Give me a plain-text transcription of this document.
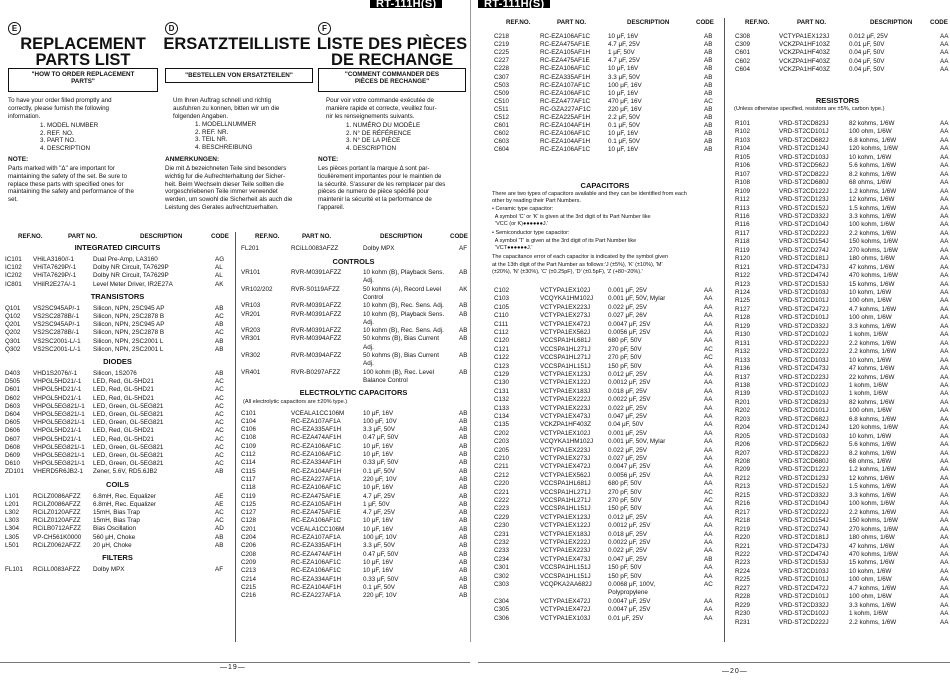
RT-111H(S)	RT-111H(S)
E
REPLACEMENT
PARTS LIST
"HOW TO ORDER REPLACEMENT
PARTS"
To have your order filled promptly and
correctly, please furnish the following
information.
1. MODEL NUMBER
2. REF. NO.
3. PART NO.
4. DESCRIPTION
NOTE:
Parts marked with "Δ" are important for
maintaining the safety of the set. Be sure to
replace these parts with specified ones for
maintaining the safety and performance of the
set.
D
ERSATZTEILLISTE
"BESTELLEN VON ERSATZTEILEN"
Um Ihren Auftrag schnell und richtig
ausfuhren zu konnen, bitten wir um die
folgenden Angaben.
1. MODELLNUMMER
2. REF. NR.
3. TEIL NR.
4. BESCHREIBUNG
ANMERKUNGEN:
Die mit Δ bezeichneten Teile sind besonders
wichtig fur die Aufrechterhaltung der Sicher-
heit. Beim Wechseln dieser Teile sollten die
vorgeschriebenen Teile immer verwendet
werden, um sowohl die Sicherheit als auch die
Leistung des Gerates aufrechtzuerhalten.
F
LISTE DES PIÈCES
DE RECHANGE
"COMMENT COMMANDER DES
PIÈCES DE RECHANGE"
Pour voir votre commande exécutée de
manière rapide et correcte, veuillez four-
nir les renseignements suivants.
1. NUMÉRO DU MODÈLE
2. N° DE RÉFÉRENCE
3. N° DE LA PIÈCE
4. DESCRIPTION
NOTE:
Les pièces portant la marque Δ sont par-
ticulièrement importantes pour le maintien de
la sécurité. S'assurer de les remplacer par des
pièces de numero de pièce spécifié pour
maintenir la sécurité et la performance de
l'appareil.
REF.NO.	PART NO.	DESCRIPTION	CODE	REF.NO.	PART NO.	DESCRIPTION	CODE
REF.NO.	PART NO.	DESCRIPTION	CODE	REF.NO.	PART NO.	DESCRIPTION	CODE
CAPACITORS
There are two types of capacitors available and they can be identified from each
other by reading their Part Numbers.
• Ceramic type capacitor:
A symbol 'C' or 'K' is given at the 3rd digit of its Part Number like
'VCC (or K)●●●●●●J.'
• Semiconductor type capacitor:
A symbol 'T' is given at the 3rd digit of its Part Number like
'VCT●●●●●●J.'
The capacitance error of each capacitor is indicated by the symbol given
at the 13th digit of the Part Number as follows:'J (±5%), 'K' (±10%), 'M'
(±20%), 'N' (±30%), 'C' (±0.25pF), 'D' (±0.5pF), 'Z (+80~20%).'
RESISTORS
(Unless otherwise specified, resistors are ±5%, carbon type.)
—19—
—20—
INTEGRATED CIRCUITS
IC101 VHiLA3160//-1	Dual Pre-Amp, LA3160	AG
IC102 VHiTA7629P/-1	Dolby NR Circuit, TA7629P	AL
IC202 VHiTA7629P/-1	Dolby NR Circuit, TA7629P	AL
IC801 VHiIR2E27A/-1	Level Meter Driver, IR2E27A	AK
TRANSISTORS
Q101 VS2SC945AP/-1 Silicon, NPN, 2SC945 AP	AB
Q102 VS2SC2878B/-1 Silicon, NPN, 2SC2878 B	AC
Q201 VS2SC945AP/-1 Silicon, NPN, 2SC945 AP	AB
Q202 VS2SC2878B/-1 Silicon, NPN, 2SC2878 B	AC
Q301 VS2SC2001-L/-1 Silicon, NPN, 2SC2001 L	AB
Q302 VS2SC2001-L/-1 Silicon, NPN, 2SC2001 L	AB
DIODES
D403 VHD1S2076//-1	Silicon, 1S2076	AB
D505 VHPGL5HD21/-1 LED, Red, GL-5HD21	AC
D601 VHPGL5HD21/-1 LED, Red, GL-5HD21	AC
D602 VHPGL5HD21/-1 LED, Red, GL-5HD21	AC
D603 VHPGL5EG821/-1 LED, Green, GL-5EG821	AC
D604 VHPGL5EG821/-1 LED, Green, GL-5EG821	AC
D605 VHPGL5EG821/-1 LED, Green, GL-5EG821	AC
D606 VHPGL5HD21/-1 LED, Red, GL-5HD21	AC
D607 VHPGL5HD21/-1 LED, Red, GL-5HD21	AC
D608 VHPGL5EG821/-1 LED, Green, GL-5EG821	AC
D609 VHPGL5EG821/-1 LED, Green, GL-5EG821	AC
D610 VHPGL5EG821/-1 LED, Green, GL-5EG821	AC
ZD101 VHERD5R6JB2-1 Zener, 5.6V, RD5.6JB2	AB
COILS
L101 RCiLZ0086AFZZ 6.8mH, Rec. Equalizer	AE
L201 RCiLZ0086AFZZ 6.8mH, Rec. Equalizer	AE
L302 RCiLZ0120AFZZ 15mH, Bias Trap	AC
L303 RCiLZ0120AFZZ 15mH, Bias Trap	AC
L304 RCiLB0712AFZZ Bias Oscillation	AD
L305 VP-CH561K0000 560 μH, Choke	AB
L501 RCiLZ0062AFZZ 20 μH, Choke	AB
FILTERS
FL101 RCiLL0083AFZZ Dolby MPX	AF
FL201	RCiLL0083AFZZ	Dolby MPX	AF
CONTROLS
VR101	RVR-M0391AFZZ	10 kohm (B), Playback Sens. AB
Adj.
VR102/202	RVR-S0119AFZZ	50 kohms (A), Record Level	AK
Control
VR103	RVR-M0391AFZZ	10 kohm (B), Rec. Sens. Adj. AB
VR201	RVR-M0391AFZZ	10 kohm (B), Playback Sens. AB
Adj.
VR203	RVR-M0391AFZZ	10 kohm (B), Rec. Sens. Adj. AB
VR301	RVR-M0394AFZZ	50 kohms (B), Bias Current	AB
Adj.
VR302	RVR-M0394AFZZ	50 kohms (B), Bias Current	AB
Adj.
VR401	RVR-B0297AFZZ	100 kohm (B), Rec. Level	AB
Balance Control
ELECTROLYTIC CAPACITORS
(All electrolytic capacitors are ±20% type.)
C101	VCEALA1CC106M	10 μF, 16V	AB
C104	RC-EZA107AF1A	100 μF, 10V	AB
C106	RC-EZA335AF1H	3.3 μF, 50V	AB
C108	RC-EZA474AF1H	0.47 μF, 50V	AB
C109	RC-EZA106AF1C	10 μF, 16V	AB
C112	RC-EZA106AF1C	10 μF, 16V	AB
C114	RC-EZA334AF1H	0.33 μF, 50V	AB
C115	RC-EZA104AF1H	0.1 μF, 50V	AB
C117	RC-EZA227AF1A	220 μF, 10V	AB
C118	RC-EZA106AF1C	10 μF, 16V	AB
C119	RC-EZA475AF1E	4.7 μF, 25V	AB
C125	RC-EZA105AF1H	1 μF, 50V	AB
C127	RC-EZA475AF1E	4.7 μF, 25V	AB
C128	RC-EZA106AF1C	10 μF, 16V	AB
C201	VCEALA1CC106M	10 μF, 16V	AB
C204	RC-EZA107AF1A	100 μF, 10V	AB
C206	RC-EZA335AF1H	3.3 μF, 50V	AB
C208	RC-EZA474AF1H	0.47 μF, 50V	AB
C209	RC-EZA106AF1C	10 μF, 16V	AB
C213	RC-EZA106AF1C	10 μF, 16V	AB
C214	RC-EZA334AF1H	0.33 μF, 50V	AB
C215	RC-EZA104AF1H	0.1 μF, 50V	AB
C216	RC-EZA227AF1A	220 μF, 10V	AB
C218	RC-EZA106AF1C	10 μF, 16V	AB
C219	RC-EZA475AF1E	4.7 μF, 25V	AB
C225	RC-EZA105AF1H	1 μF, 50V	AB
C227	RC-EZA475AF1E	4.7 μF, 25V	AB
C228	RC-EZA106AF1C	10 μF, 16V	AB
C307	RC-EZA335AF1H	3.3 μF, 50V	AB
C503	RC-EZA107AF1C	100 μF, 16V	AB
C509	RC-EZA106AF1C	10 μF, 16V	AB
C510	RC-EZA477AF1C	470 μF, 16V	AC
C511	RC-GZA227AF1C	220 μF, 16V	AB
C512	RC-EZA225AF1H	2.2 μF, 50V	AB
C601	RC-EZA104AF1H	0.1 μF, 50V	AB
C602	RC-EZA106AF1C	10 μF, 16V	AB
C603	RC-EZA104AF1H	0.1 μF, 50V	AB
C604	RC-EZA106AF1C	10 μF, 16V	AB
C102	VCTYPA1EX102J	0.001 μF, 25V	AA
C103	VCQYKA1HM102J 0.001 μF, 50V, Mylar	AA
C105	VCTYPA1EX223J	0.022 μF, 25V	AA
C110	VCTYPA1EX273J	0.027 μF, 26V	AA
C111	VCTYPA1EX472J	0.0047 μF, 25V	AA
C112	VCTYPA1EX562J	0.0056 μF, 25V	AA
C120	VCCSPA1HL681J	680 pF, 50V	AA
C121	VCCSPA1HL271J	270 pF, 50V	AC
C122	VCCSPA1HL271J	270 pF, 50V	AC
C123	VCCSPA1HL151J	150 pF, 50V	AA
C129	VCTYPA1EX123J	0.012 μF, 25V	AA
C130	VCTYPA1EX122J	0.0012 μF, 25V	AA
C131	VCTYPA1EX183J	0.018 μF, 25V	AA
C132	VCTYPA1EX222J	0.0022 μF, 25V	AA
C133	VCTYPA1EX223J	0.022 μF, 25V	AA
C134	VCTYPA1EX473J	0.047 μF, 25V	AA
C135	VCKZPA1HF403Z	0.04 μF, 50V	AA
C202	VCTYPA1EX102J	0.001 μF, 25V	AA
C203	VCQYKA1HM102J 0.001 μF, 50V, Mylar	AA
C205	VCTYPA1EX223J	0.022 μF, 25V	AA
C210	VCTYPA1EX273J	0.027 μF, 25V	AA
C211	VCTYPA1EX472J	0.0047 μF, 25V	AA
C212	VCTYPA1EX562J	0.0056 μF, 25V	AA
C220	VCCSPA1HL681J	680 pF, 50V	AA
C221	VCCSPA1HL271J	270 pF, 50V	AC
C222	VCCSPA1HL271J	270 pF, 50V	AC
C223	VCCSPA1HL151J	150 pF, 50V	AA
C229	VCTYPA1EX123J	0.012 μF, 25V	AA
C230	VCTYPA1EX122J	0.0012 μF, 25V	AA
C231	VCTYPA1EX183J	0.018 μF, 25V	AA
C232	VCTYPA1EX222J	0.0022 μF, 25V	AA
C233	VCTYPA1EX223J	0.022 μF, 25V	AA
C234	VCTYPA1EX473J	0.047 μF, 25V	AB
C301	VCCSPA1HL151J	150 pF, 50V	AA
C302	VCCSPA1HL151J	150 pF, 50V	AA
C303	VCQPKA2AA682J	0.0068 μF, 100V,	AC
Polypropylene
C304	VCTYPA1EX472J	0.0047 μF, 25V	AA
C305	VCTYPA1EX472J	0.0047 μF, 25V	AA
C306	VCTYPA1EX103J	0.01 μF, 25V	AA
C308	VCTYPA1EX123J	0.012 μF, 25V	AA
C309	VCKZPA1HF103Z	0.01 μF, 50V	AA
C601	VCKZPA1HF403Z	0.04 μF, 50V	AA
C602	VCKZPA1HF403Z	0.04 μF, 50V	AA
C604	VCKZPA1HF403Z	0.04 μF, 50V	AA
R101	VRD-ST2CD823J	82 kohms, 1/6W	AA
R102	VRD-ST2CD101J	100 ohm, 1/6W	AA
R103	VRD-ST2CD682J	6.8 kohms, 1/6W	AA
R104	VRD-ST2CD124J	120 kohms, 1/6W	AA
R105	VRD-ST2CD103J	10 kohm, 1/6W	AA
R106	VRD-ST2CD562J	5.6 kohms, 1/6W	AA
R107	VRD-ST2CD822J	8.2 kohms, 1/6W	AA
R108	VRD-ST2CD680J	68 ohms, 1/6W	AA
R109	VRD-ST2CD122J	1.2 kohms, 1/6W	AA
R112	VRD-ST2CD123J	12 kohms, 1/6W	AA
R113	VRD-ST2CD152J	1.5 kohms, 1/6W	AA
R116	VRD-ST2CD332J	3.3 kohms, 1/6W	AA
R116	VRD-ST2CD104J	100 kohm, 1/6W	AA
R117	VRD-ST2CD222J	2.2 kohms, 1/6W	AA
R118	VRD-ST2CD154J	150 kohms, 1/6W	AA
R119	VRD-ST2CD274J	270 kohms, 1/6W	AA
R120	VRD-ST2CD181J	180 ohms, 1/6W	AA
R121	VRD-ST2CD473J	47 kohms, 1/6W	AA
R122	VRD-ST2CD474J	470 kohms, 1/6W	AA
R123	VRD-ST2CD153J	15 kohms, 1/6W	AA
R124	VRD-ST2CD103J	10 kohm, 1/6W	AA
R125	VRD-ST2CD101J	100 ohm, 1/6W	AA
R127	VRD-ST2CD472J	4.7 kohms, 1/6W	AA
R128	VRD-ST2CD101J	100 ohm, 1/6W	AA
R129	VRD-ST2CD332J	3.3 kohms, 1/6W	AA
R130	VRD-ST2CD102J	1 kohm, 1/6W	AA
R131	VRD-ST2CD222J	2.2 kohms, 1/6W	AA
R132	VRD-ST2CD222J	2.2 kohms, 1/6W	AA
R133	VRD-ST2CD103J	10 kohm, 1/6W	AA
R136	VRD-ST2CD473J	47 kohms, 1/6W	AA
R137	VRD-ST2CD223J	22 kohms, 1/6W	AA
R138	VRD-ST2CD102J	1 kohm, 1/6W	AA
R139	VRD-ST2CD102J	1 kohm, 1/6W	AA
R201	VRD-ST2CD823J	82 kohms, 1/6W	AA
R202	VRD-ST2CD101J	100 ohm, 1/6W	AA
R203	VRD-ST2CD682J	6.8 kohms, 1/6W	AA
R204	VRD-ST2CD124J	120 kohms, 1/6W	AA
R205	VRD-ST2CD103J	10 kohm, 1/6W	AA
R206	VRD-ST2CD562J	5.6 kohms, 1/6W	AA
R207	VRD-ST2CD822J	8.2 kohms, 1/6W	AA
R208	VRD-ST2CD680J	68 ohms, 1/6W	AA
R209	VRD-ST2CD122J	1.2 kohms, 1/6W	AA
R212	VRD-ST2CD123J	12 kohms, 1/6W	AA
R213	VRD-ST2CD152J	1.5 kohms, 1/6W	AA
R215	VRD-ST2CD332J	3.3 kohms, 1/6W	AA
R216	VRD-ST2CD104J	100 kohm, 1/6W	AA
R217	VRD-ST2CD222J	2.2 kohms, 1/6W	AA
R218	VRD-ST2CD154J	150 kohms, 1/6W	AA
R219	VRD-ST2CD274J	270 kohms, 1/6W	AA
R220	VRD-ST2CD181J	180 ohms, 1/6W	AA
R221	VRD-ST2CD473J	47 kohms, 1/6W	AA
R222	VRD-ST2CD474J	470 kohms, 1/6W	AA
R223	VRD-ST2CD153J	15 kohms, 1/6W	AA
R224	VRD-ST2CD103J	10 kohm, 1/6W	AA
R225	VRD-ST2CD101J	100 ohm, 1/6W	AA
R227	VRD-ST2CD472J	4.7 kohms, 1/6W	AA
R228	VRD-ST2CD101J	100 ohm, 1/6W	AA
R229	VRD-ST2CD332J	3.3 kohms, 1/6W	AA
R230	VRD-ST2CD102J	1 kohm, 1/6W	AA
R231	VRD-ST2CD222J	2.2 kohms, 1/6W	AA
